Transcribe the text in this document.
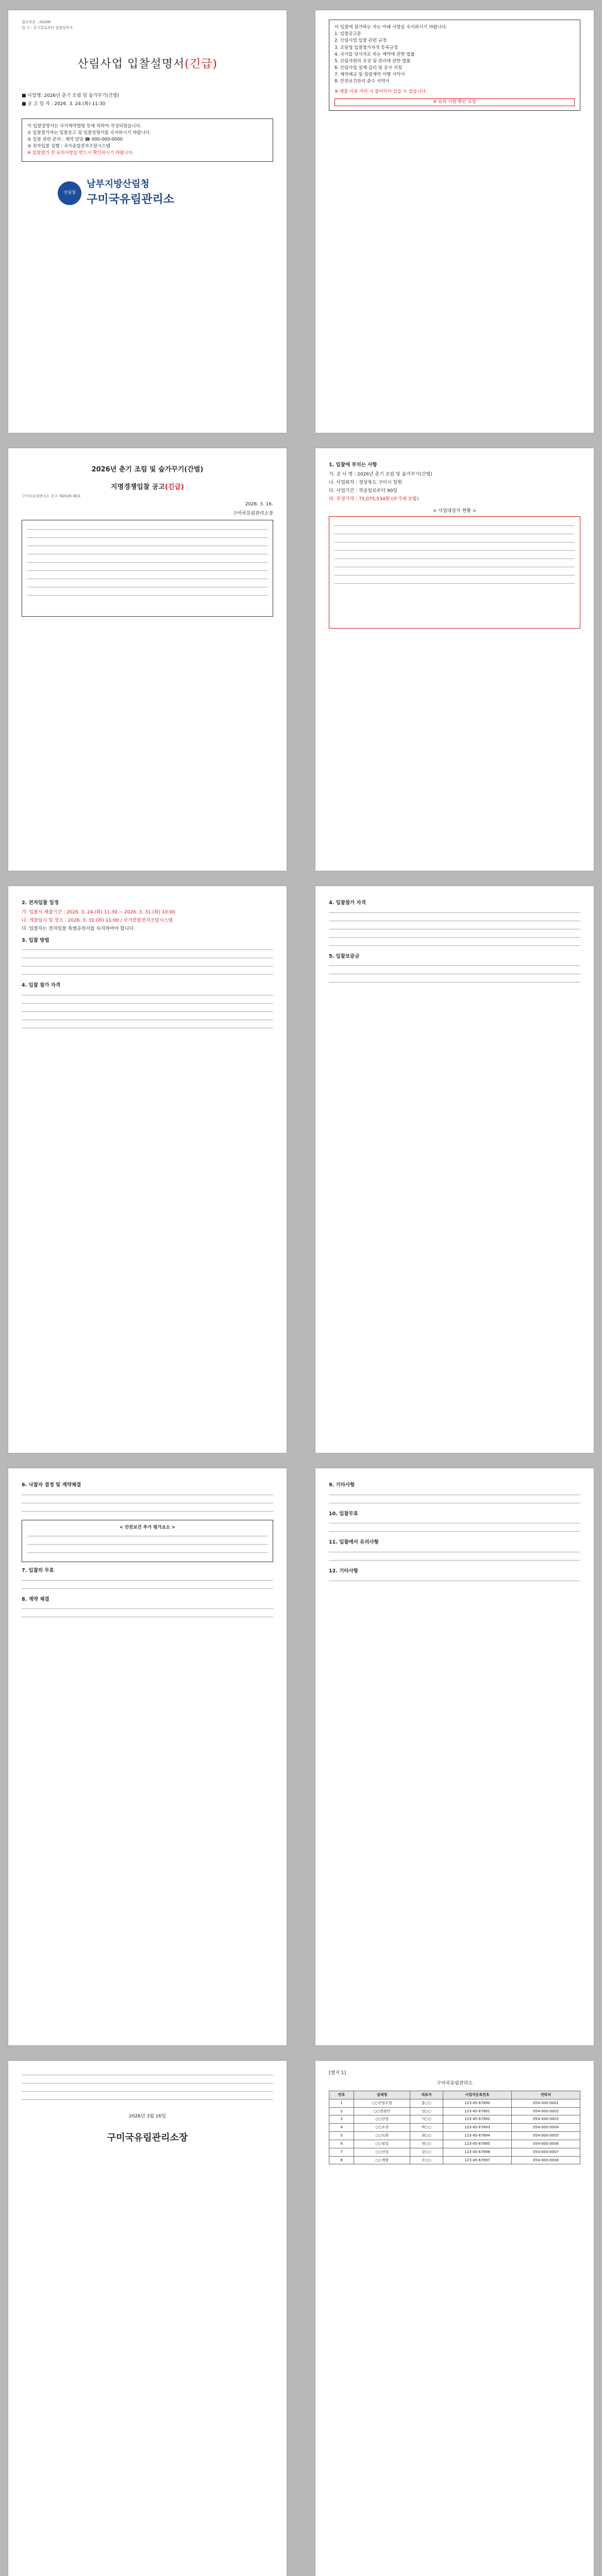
접수번호 : 20206
일 시 : 공고일로부터 입찰일까지
산림사업 입찰설명서(긴급)
■ 사업명: 2026년 춘기 조림 및 숲가꾸기(간벌)
■ 공 고 일 자 : 2026. 3. 24.(화) 11:30
이 입찰설명서는 국가계약법령 등에 의하여 작성되었습니다.
① 입찰참가자는 입찰공고 및 입찰설명서를 숙지하시기 바랍니다.
② 입찰 관련 문의 : 계약 담당 ☎ 000-000-0000
③ 전자입찰 집행 : 국가종합전자조달시스템
※ 입찰참가 전 유의사항을 반드시 확인하시기 바랍니다.
산림청
남부지방산림청
구미국유림관리소
이 입찰에 참가하는 자는 아래 사항을 숙지하시기 바랍니다.
1. 입찰공고문
2. 산림사업 입찰 관련 규정
3. 조달청 입찰참가자격 등록규정
4. 국가를 당사자로 하는 계약에 관한 법률
5. 산림자원의 조성 및 관리에 관한 법률
6. 산림사업 설계·감리 및 공사 지침
7. 계약예규 및 청렴계약 이행 서약서
8. 안전보건관리 준수 서약서
※ 제출 서류 미비 시 불이익이 있을 수 있습니다.
※ 유의 사항 확인 요망
2026년 춘기 조림 및 숲가꾸기(간벌)
지명경쟁입찰 공고(긴급)
구미국유림관리소 공고 제2026-36호
2026. 3. 16.
구미국유림관리소장
1. 입찰에 부치는 사항
가. 공 사 명 : 2026년 춘기 조림 및 숲가꾸기(간벌)
나. 사업위치 : 경상북도 구미시 일원
다. 사업기간 : 착공일로부터 90일
라. 추정가격 : 75,075,534원 (부가세 포함)
< 사업대상지 현황 >
2. 전자입찰 일정
가. 입찰서 제출기간 : 2026. 3. 24.(화) 11:30 ~ 2026. 3. 31.(화) 10:00
나. 개찰일시 및 장소 : 2026. 3. 31.(화) 11:00 / 국가종합전자조달시스템
다. 입찰자는 전자입찰 특별유의서를 숙지하여야 합니다.
3. 입찰 방법
4. 입찰 참가 자격
4. 입찰참가 자격
5. 입찰보증금
6. 낙찰자 결정 및 계약체결
< 안전보건 추가 평가요소 >
7. 입찰의 무효
8. 계약 체결
9. 기타사항
10. 입찰무효
11. 입찰에서 유의사항
12. 기타사항
2026년 3월 16일
구미국유림관리소장
[별지 1]
구미국유림관리소
번호	업체명	대표자	사업자등록번호	연락처
1	○○산림조합	홍○○	123-45-67890	054-000-0001
2	○○영림단	김○○	123-45-67891	054-000-0002
3	○○산림	이○○	123-45-67892	054-000-0003
4	○○조경	박○○	123-45-67893	054-000-0004
5	○○녹화	최○○	123-45-67894	054-000-0005
6	○○임업	정○○	123-45-67895	054-000-0006
7	○○산업	강○○	123-45-67896	054-000-0007
8	○○개발	조○○	123-45-67897	054-000-0008
